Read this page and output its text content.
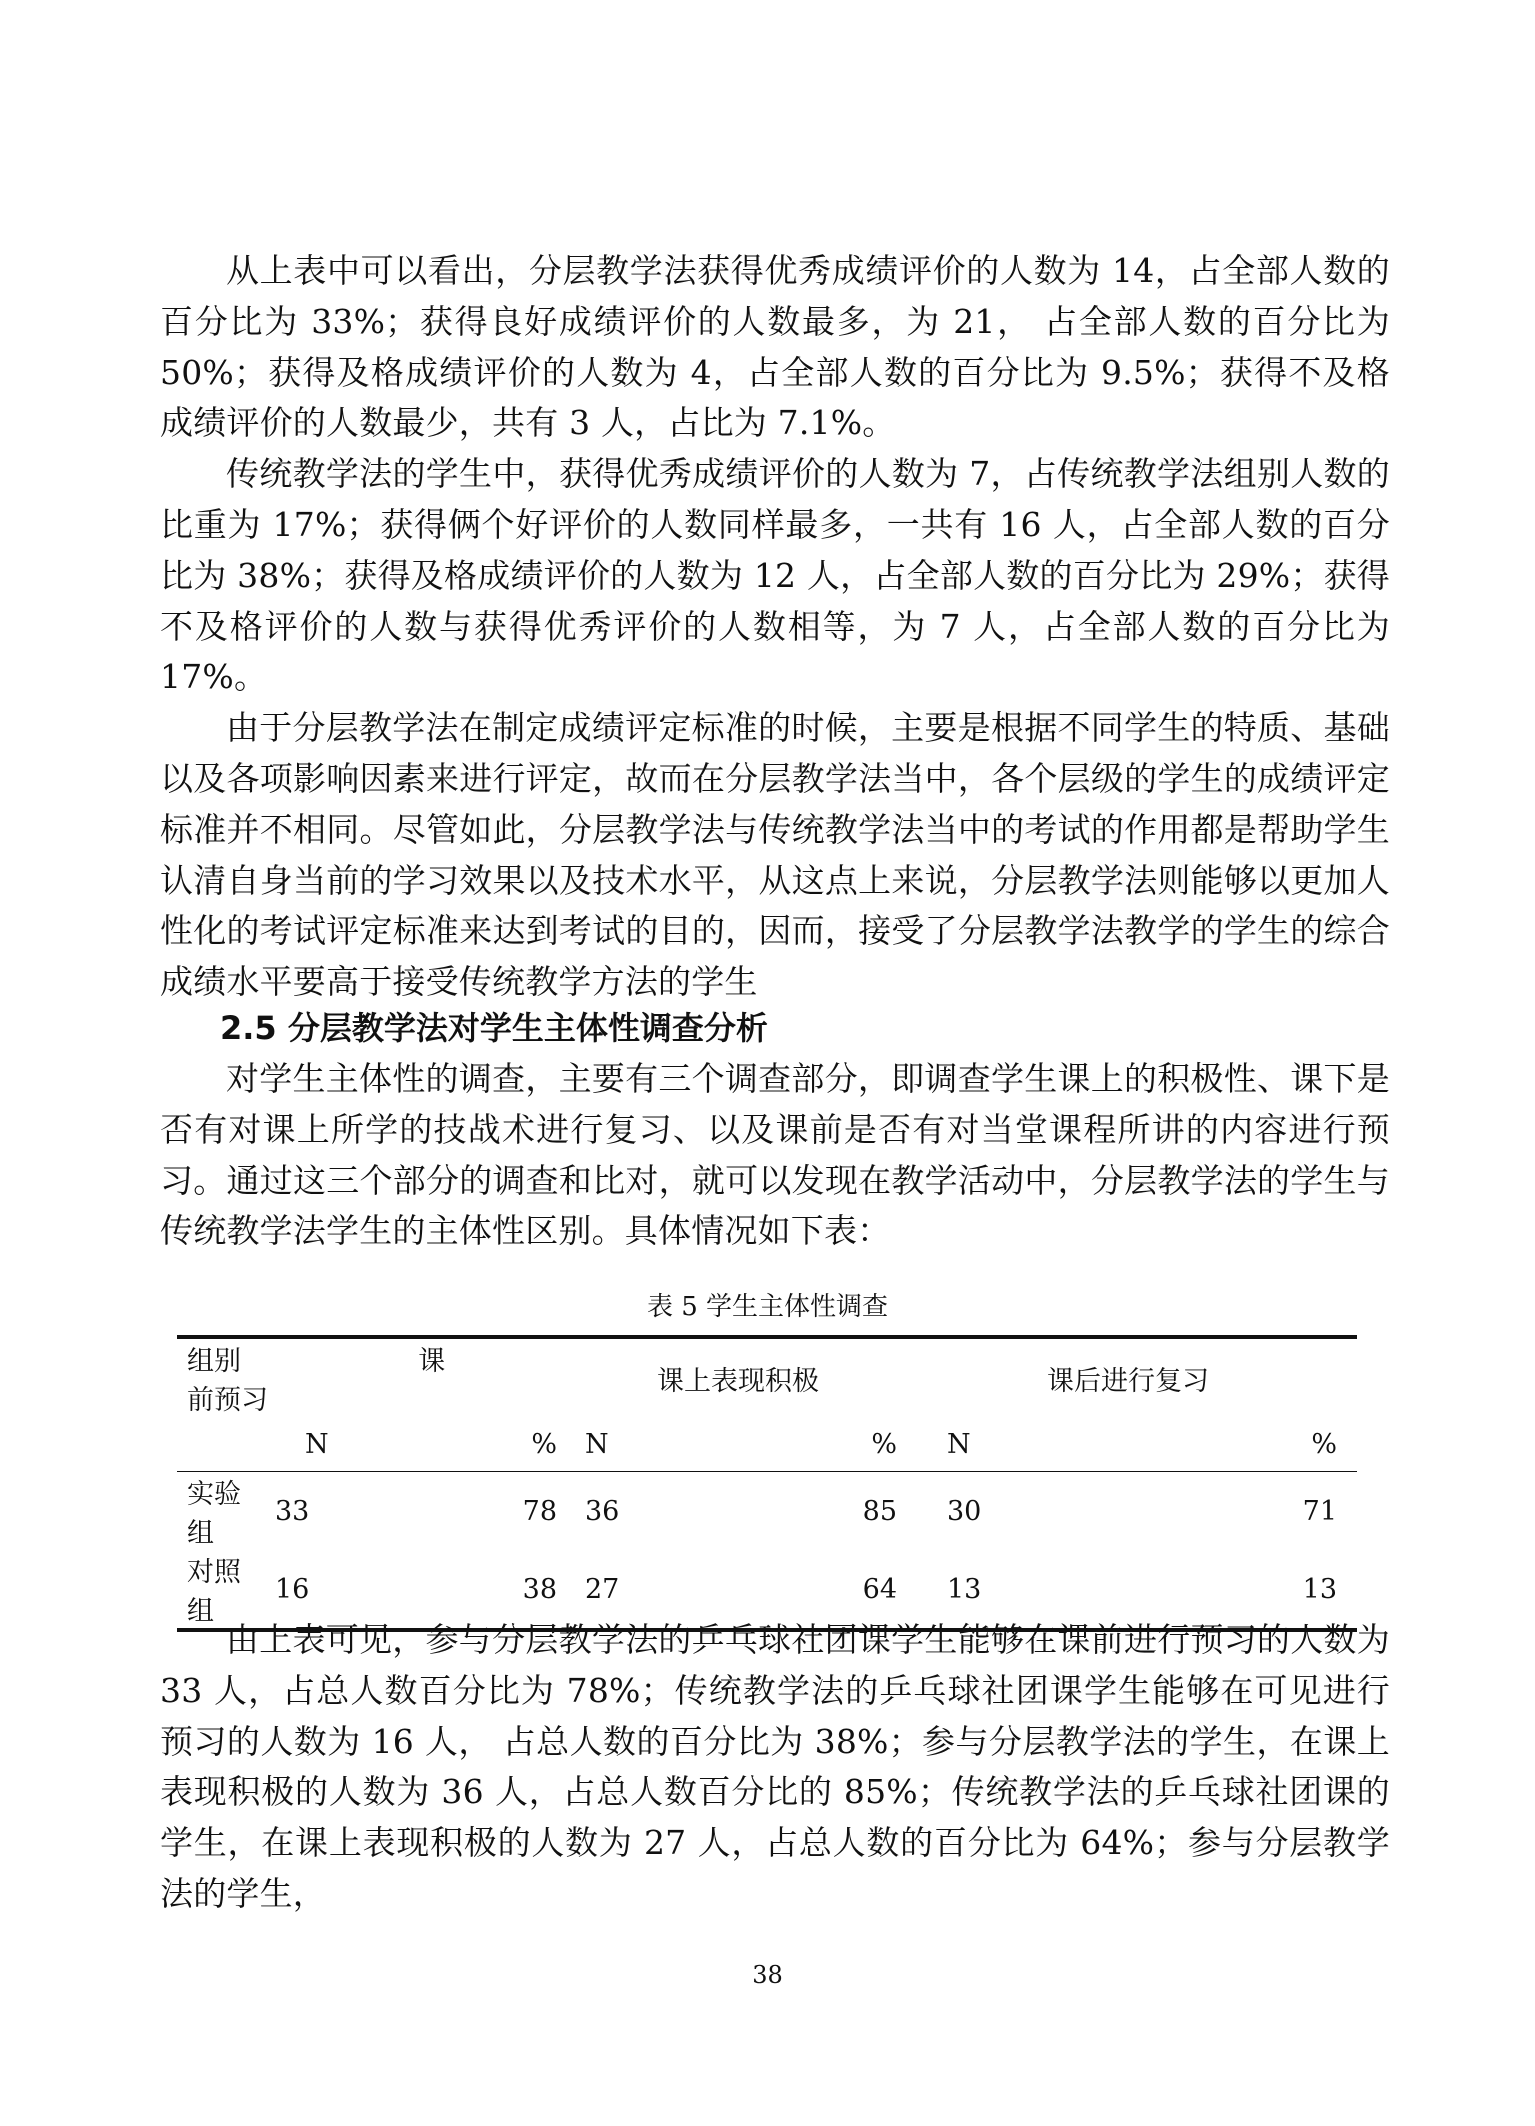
从上表中可以看出，分层教学法获得优秀成绩评价的人数为 14，占全部人数的百分比为 33%；获得良好成绩评价的人数最多，为 21， 占全部人数的百分比为 50%；获得及格成绩评价的人数为 4，占全部人数的百分比为 9.5%；获得不及格成绩评价的人数最少，共有 3 人，占比为 7.1%。

传统教学法的学生中，获得优秀成绩评价的人数为 7，占传统教学法组别人数的比重为 17%；获得俩个好评价的人数同样最多，一共有 16 人，占全部人数的百分比为 38%；获得及格成绩评价的人数为 12 人，占全部人数的百分比为 29%；获得不及格评价的人数与获得优秀评价的人数相等，为 7 人，占全部人数的百分比为 17%。

由于分层教学法在制定成绩评定标准的时候，主要是根据不同学生的特质、基础以及各项影响因素来进行评定，故而在分层教学法当中，各个层级的学生的成绩评定标准并不相同。尽管如此，分层教学法与传统教学法当中的考试的作用都是帮助学生认清自身当前的学习效果以及技术水平，从这点上来说，分层教学法则能够以更加人性化的考试评定标准来达到考试的目的，因而，接受了分层教学法教学的学生的综合成绩水平要高于接受传统教学方法的学生

2.5 分层教学法对学生主体性调查分析

对学生主体性的调查，主要有三个调查部分，即调查学生课上的积极性、课下是否有对课上所学的技战术进行复习、以及课前是否有对当堂课程所讲的内容进行预习。通过这三个部分的调查和比对，就可以发现在教学活动中，分层教学法的学生与传统教学法学生的主体性区别。具体情况如下表：

表 5 学生主体性调查
组别 课前预习				课上表现积极		课后进行复习
	N	%	N	%	N	%
实验组	33	78	36	85	30	71
对照组	16	38	27	64	13	13

由上表可见，参与分层教学法的乒乓球社团课学生能够在课前进行预习的人数为 33 人，占总人数百分比为 78%；传统教学法的乒乓球社团课学生能够在可见进行预习的人数为 16 人， 占总人数的百分比为 38%；参与分层教学法的学生，在课上表现积极的人数为 36 人，占总人数百分比的 85%；传统教学法的乒乓球社团课的学生，在课上表现积极的人数为 27 人，占总人数的百分比为 64%；参与分层教学法的学生，

38
